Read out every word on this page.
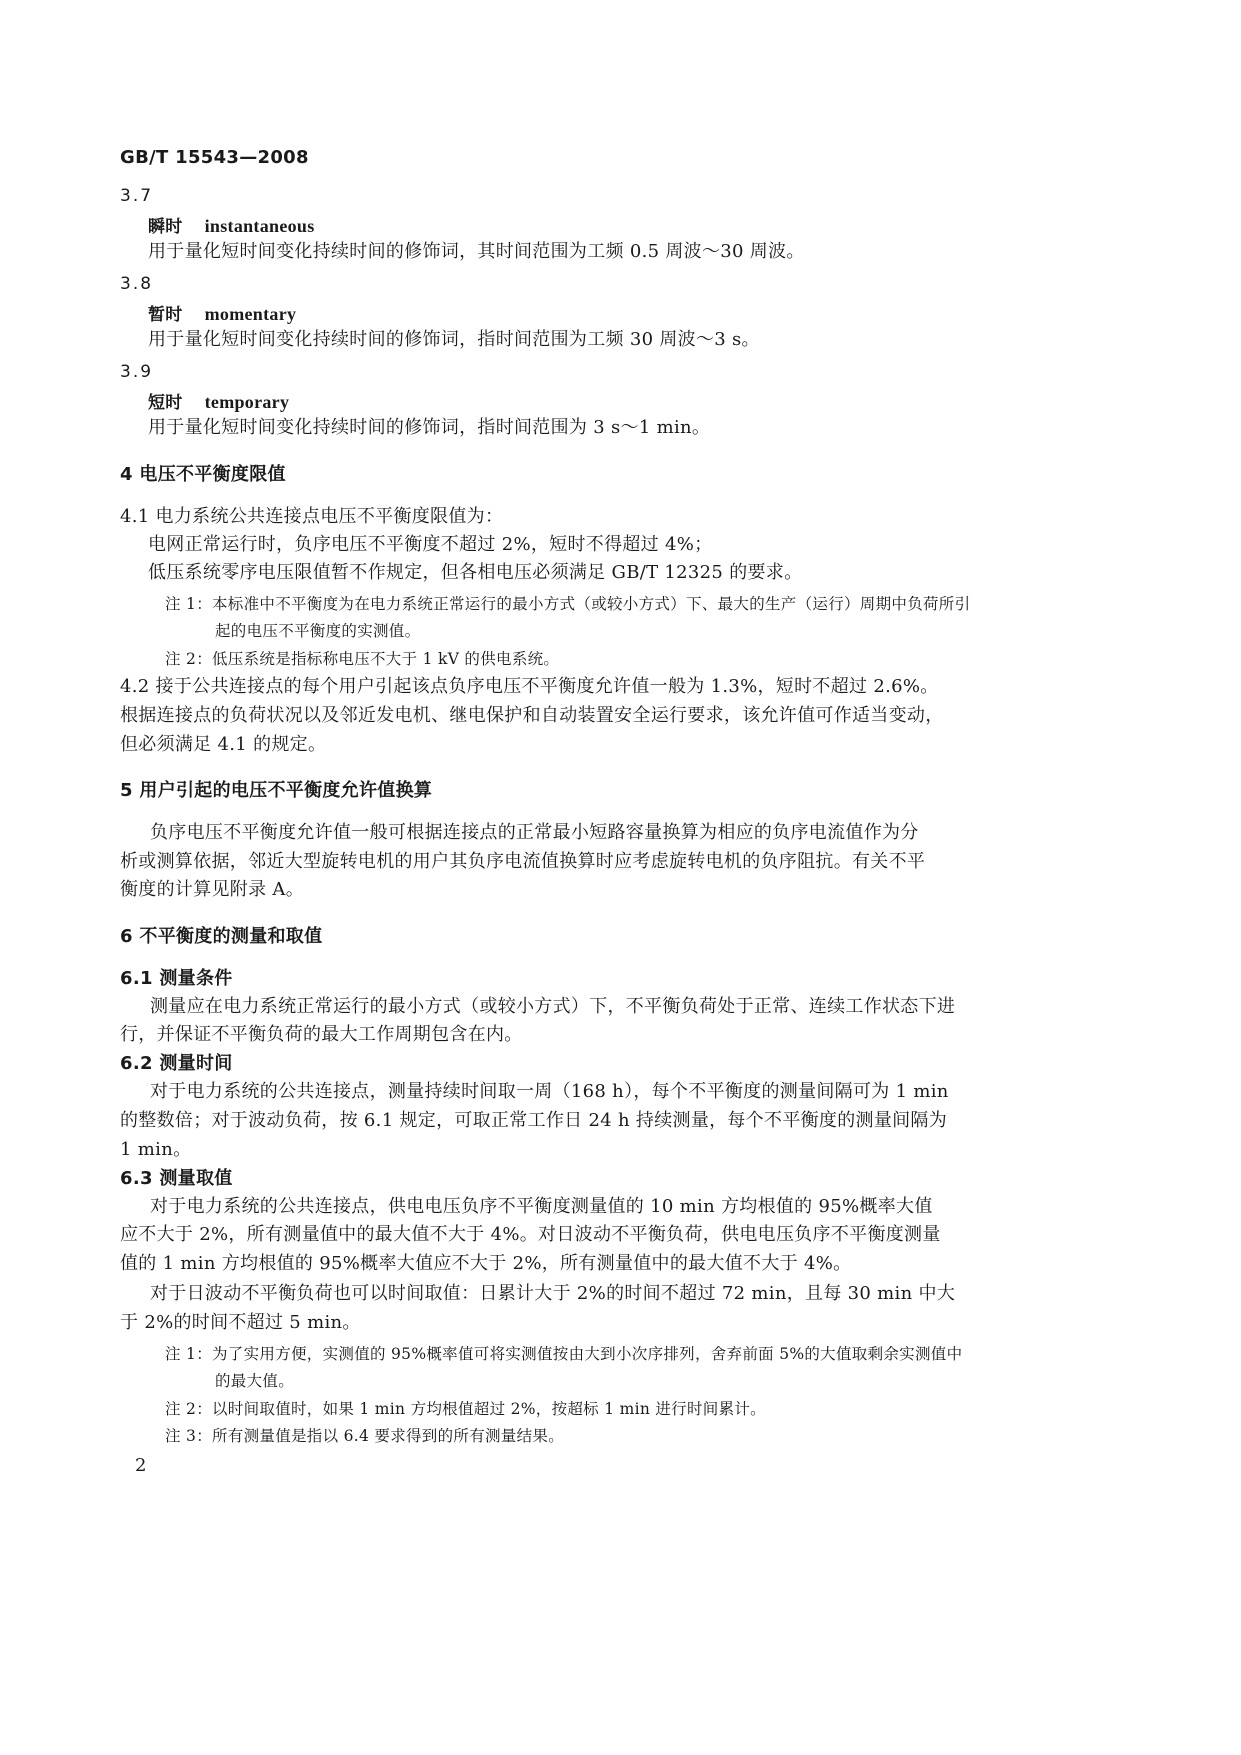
GB/T 15543—2008
3.7
瞬时 instantaneous
用于量化短时间变化持续时间的修饰词，其时间范围为工频 0.5 周波～30 周波。
3.8
暂时 momentary
用于量化短时间变化持续时间的修饰词，指时间范围为工频 30 周波～3 s。
3.9
短时 temporary
用于量化短时间变化持续时间的修饰词，指时间范围为 3 s～1 min。
4 电压不平衡度限值
4.1 电力系统公共连接点电压不平衡度限值为：
电网正常运行时，负序电压不平衡度不超过 2%，短时不得超过 4%；
低压系统零序电压限值暂不作规定，但各相电压必须满足 GB/T 12325 的要求。
注 1：本标准中不平衡度为在电力系统正常运行的最小方式（或较小方式）下、最大的生产（运行）周期中负荷所引
起的电压不平衡度的实测值。
注 2：低压系统是指标称电压不大于 1 kV 的供电系统。
4.2 接于公共连接点的每个用户引起该点负序电压不平衡度允许值一般为 1.3%，短时不超过 2.6%。
根据连接点的负荷状况以及邻近发电机、继电保护和自动装置安全运行要求，该允许值可作适当变动，
但必须满足 4.1 的规定。
5 用户引起的电压不平衡度允许值换算
负序电压不平衡度允许值一般可根据连接点的正常最小短路容量换算为相应的负序电流值作为分
析或测算依据，邻近大型旋转电机的用户其负序电流值换算时应考虑旋转电机的负序阻抗。有关不平
衡度的计算见附录 A。
6 不平衡度的测量和取值
6.1 测量条件
测量应在电力系统正常运行的最小方式（或较小方式）下，不平衡负荷处于正常、连续工作状态下进
行，并保证不平衡负荷的最大工作周期包含在内。
6.2 测量时间
对于电力系统的公共连接点，测量持续时间取一周（168 h），每个不平衡度的测量间隔可为 1 min
的整数倍；对于波动负荷，按 6.1 规定，可取正常工作日 24 h 持续测量，每个不平衡度的测量间隔为
1 min。
6.3 测量取值
对于电力系统的公共连接点，供电电压负序不平衡度测量值的 10 min 方均根值的 95%概率大值
应不大于 2%，所有测量值中的最大值不大于 4%。对日波动不平衡负荷，供电电压负序不平衡度测量
值的 1 min 方均根值的 95%概率大值应不大于 2%，所有测量值中的最大值不大于 4%。
对于日波动不平衡负荷也可以时间取值：日累计大于 2%的时间不超过 72 min，且每 30 min 中大
于 2%的时间不超过 5 min。
注 1：为了实用方便，实测值的 95%概率值可将实测值按由大到小次序排列，舍弃前面 5%的大值取剩余实测值中
的最大值。
注 2：以时间取值时，如果 1 min 方均根值超过 2%，按超标 1 min 进行时间累计。
注 3：所有测量值是指以 6.4 要求得到的所有测量结果。
2
